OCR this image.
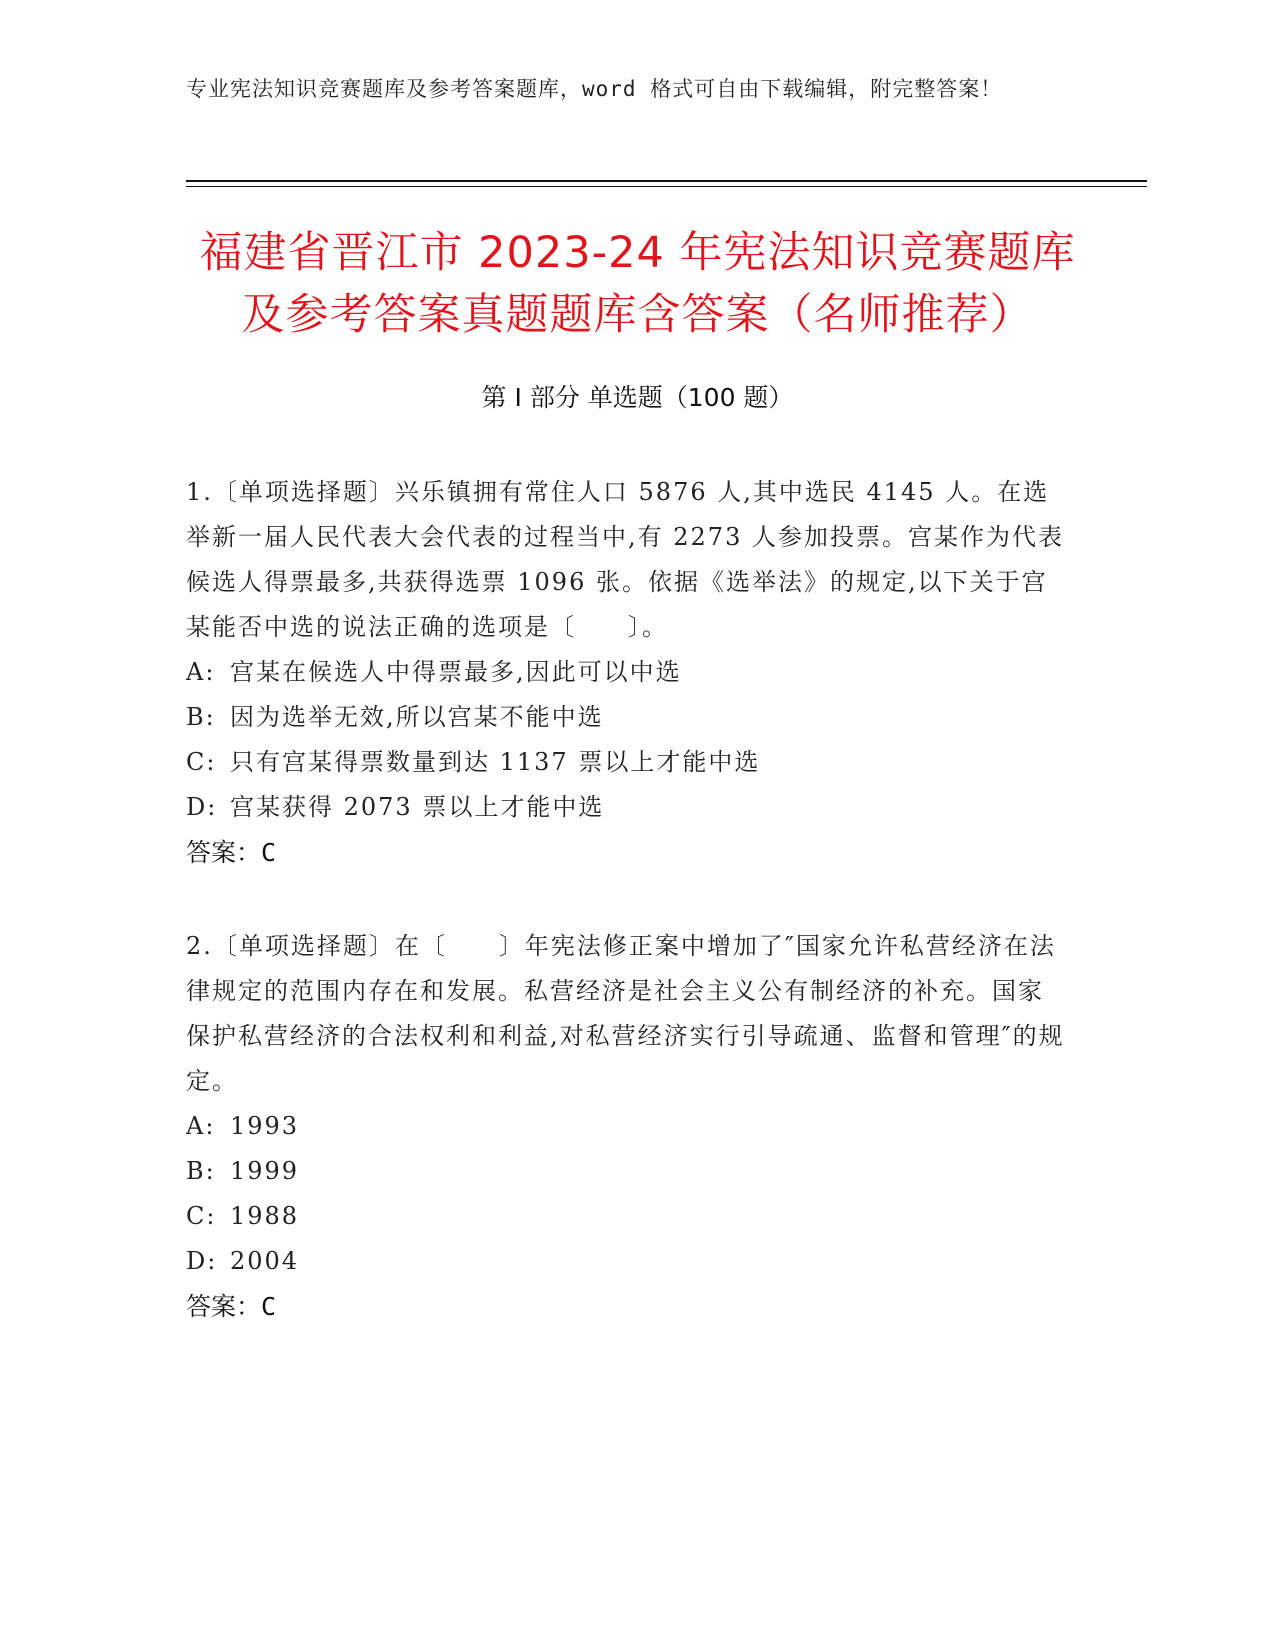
专业宪法知识竞赛题库及参考答案题库，word 格式可自由下载编辑，附完整答案！
福建省晋江市 2023-24 年宪法知识竞赛题库
及参考答案真题题库含答案（名师推荐）
第 I 部分 单选题（100 题）

1.〔单项选择题〕兴乐镇拥有常住人口 5876 人,其中选民 4145 人。在选举新一届人民代表大会代表的过程当中,有 2273 人参加投票。宫某作为代表候选人得票最多,共获得选票 1096 张。依据《选举法》的规定,以下关于宫某能否中选的说法正确的选项是〔　　〕。

A: 宫某在候选人中得票最多,因此可以中选
B: 因为选举无效,所以宫某不能中选
C: 只有宫某得票数量到达 1137 票以上才能中选
D: 宫某获得 2073 票以上才能中选
答案：C

2.〔单项选择题〕在〔　　〕年宪法修正案中增加了″国家允许私营经济在法律规定的范围内存在和发展。私营经济是社会主义公有制经济的补充。国家保护私营经济的合法权利和利益,对私营经济实行引导疏通、监督和管理″的规定。

A: 1993
B: 1999
C: 1988
D: 2004
答案：C
